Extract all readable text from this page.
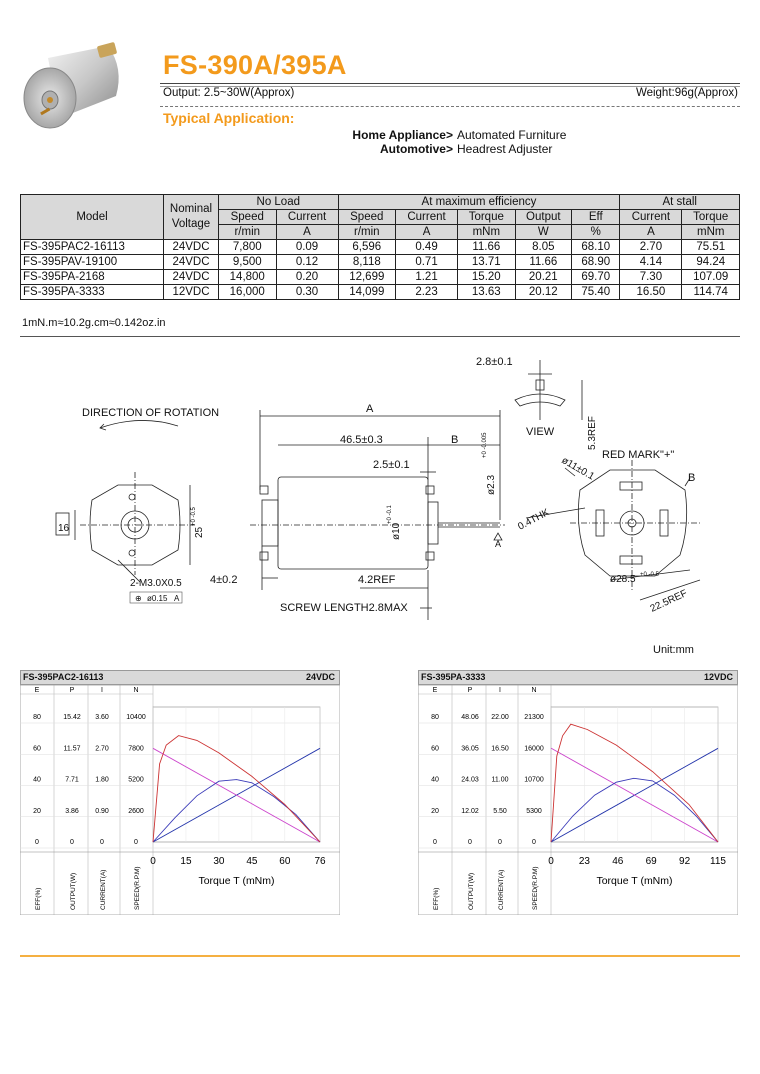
FS-390A/395A
Output: 2.5~30W(Approx)	Weight:96g(Approx)
Typical Application:
Home Appliance>
Automotive>
Automated Furniture
Headrest Adjuster
Model	Nominal Voltage	No Load		At maximum efficiency					At stall	
		Speed	Current	Speed	Current	Torque	Output	Eff	Current	Torque
		r/min	A	r/min	A	mNm	W	%	A	mNm
FS-395PAC2-16113	24VDC	7,800	0.09	6,596	0.49	11.66	8.05	68.10	2.70	75.51
FS-395PAV-19100	24VDC	9,500	0.12	8,118	0.71	13.71	11.66	68.90	4.14	94.24
FS-395PA-2168	24VDC	14,800	0.20	12,699	1.21	15.20	20.21	69.70	7.30	107.09
FS-395PA-3333	12VDC	16,000	0.30	14,099	2.23	13.63	20.12	75.40	16.50	114.74
1mN.m≈10.2g.cm≈0.142oz.in
DIRECTION OF ROTATION	A
46.5±0.3	B
2.5±0.1
2.8±0.1
VIEW
RED MARK"+"
B
16
2-M3.0X0.5
⊕ ø0.15 A
4±0.2	4.2REF
SCREW LENGTH2.8MAX
A
5.3REF
ø11±0.1
0.4THK
ø2.3
+0 -0.005
ø10
+0 -0.1
25
+0 -0.5
ø28.5 +0 -0.5
22.5REF
Unit:mm
FS-395PAC2-16113	24VDC
E	P	I	N
80	15.42 3.60 10400
60	11.57 2.70	7800
40	7.71 1.80	5200
20	3.86 0.90	2600
0	0	0	0
EFF(%)	OUTPUT(W)	CURRENT(A)	SPEED(R.P.M)
0 15 30 45 60 76
Torque T (mNm)
FS-395PA-3333	12VDC
E	P	I	N
80	48.06 22.00 21300
60	36.05 16.50 16000
40	24.03 11.00 10700
20	12.02 5.50	5300
0	0	0	0
EFF(%)	OUTPUT(W)	CURRENT(A)	SPEED(R.P.M)
0	23 46 69 92 115
Torque T (mNm)
